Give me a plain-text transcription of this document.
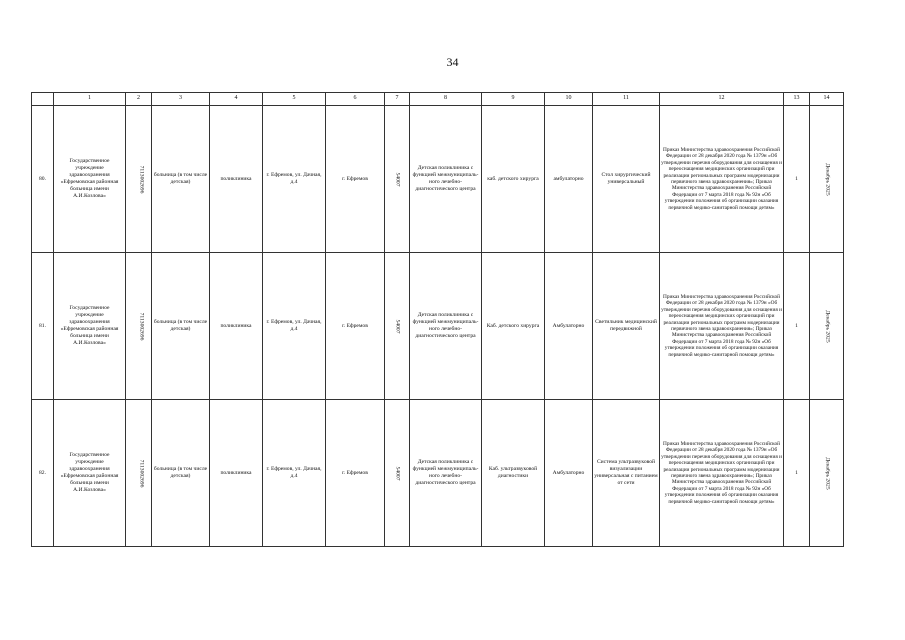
34
	1	2	3	4	5	6	7	8	9	10	11	12	13	14
80.	Государственное учреждение здравоохранения «Ефремовская районная больница имени А.И.Козлова»	7113002696	больница (в том числе детская)	поликлиника	г. Ефремов, ул. Дачная, д.4	г. Ефремов	54007	Детская поликлиника с функцией межмуниципаль-ного лечебно-диагностического центра	каб. детского хирурга	амбулаторно	Стол хирургический универсальный	Приказ Министерства здравоохранения Российской Федерации от 28 декабря 2020 года № 1379н «Об утверждении перечня оборудования для оснащения и переоснащения медицинских организаций при реализации региональных программ модернизации первичного звена здравоохранения»; Приказ Министерства здравоохранения Российской Федерации от 7 марта 2018 года № 92н «Об утверждении положения об организации оказания первичной медико-санитарной помощи детям»	1	Декабрь 2025
81.	Государственное учреждение здравоохранения «Ефремовская районная больница имени А.И.Козлова»	7113002696	больница (в том числе детская)	поликлиника	г. Ефремов, ул. Дачная, д.4	г. Ефремов	54007	Детская поликлиника с функцией межмуниципаль-ного лечебно-диагностического центра	Каб. детского хирурга	Амбулаторно	Светильник медицинский передвижной	Приказ Министерства здравоохранения Российской Федерации от 28 декабря 2020 года № 1379н «Об утверждении перечня оборудования для оснащения и переоснащения медицинских организаций при реализации региональных программ модернизации первичного звена здравоохранения»; Приказ Министерства здравоохранения Российской Федерации от 7 марта 2018 года № 92н «Об утверждении положения об организации оказания первичной медико-санитарной помощи детям»	1	Декабрь 2025
82.	Государственное учреждение здравоохранения «Ефремовская районная больница имени А.И.Козлова»	7113002696	больница (в том числе детская)	поликлиника	г. Ефремов, ул. Дачная, д.4	г. Ефремов	54007	Детская поликлиника с функцией межмуниципаль-ного лечебно-диагностического центра	Каб. ультразвуковой диагностики	Амбулаторно	Система ультразвуковой визуализации универсальная с питанием от сети	Приказ Министерства здравоохранения Российской Федерации от 28 декабря 2020 года № 1379н «Об утверждении перечня оборудования для оснащения и переоснащения медицинских организаций при реализации региональных программ модернизации первичного звена здравоохранения»; Приказ Министерства здравоохранения Российской Федерации от 7 марта 2018 года № 92н «Об утверждении положения об организации оказания первичной медико-санитарной помощи детям»	1	Декабрь 2025
